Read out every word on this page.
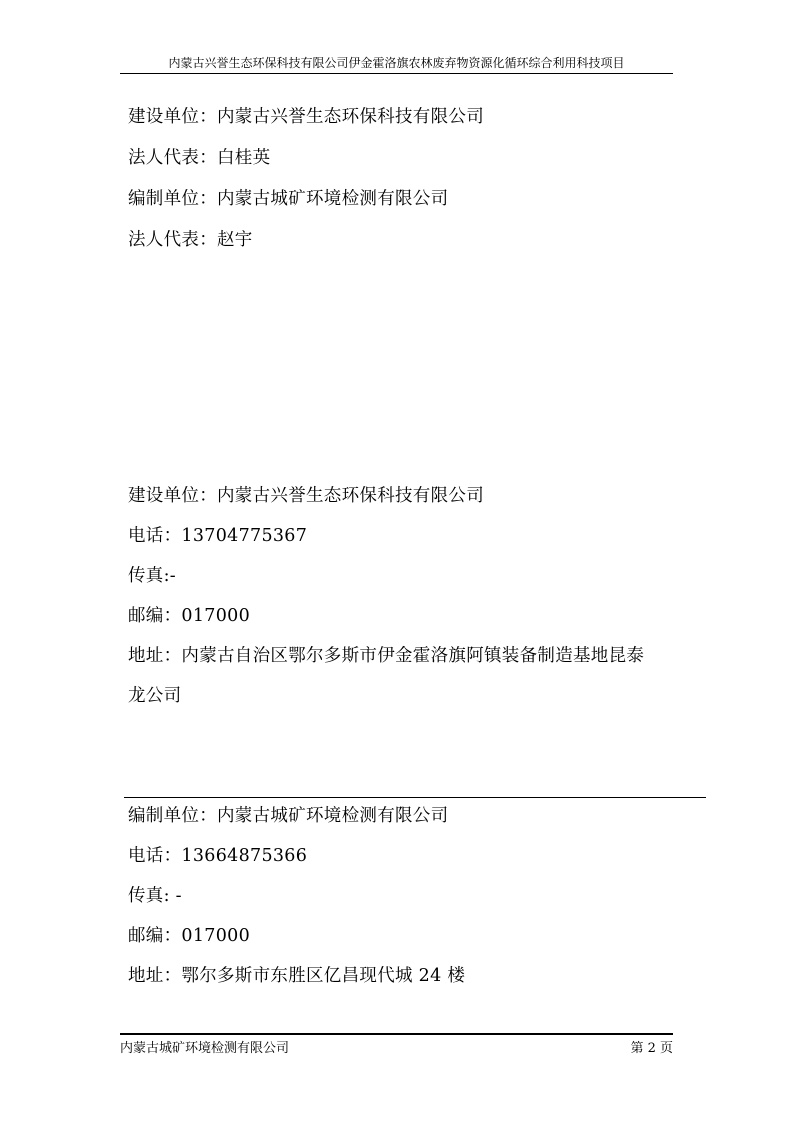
内蒙古兴誉生态环保科技有限公司伊金霍洛旗农林废弃物资源化循环综合利用科技项目
建设单位：内蒙古兴誉生态环保科技有限公司
法人代表：白桂英
编制单位：内蒙古城矿环境检测有限公司
法人代表：赵宇
建设单位：内蒙古兴誉生态环保科技有限公司
电话：13704775367
传真:-
邮编：017000
地址：内蒙古自治区鄂尔多斯市伊金霍洛旗阿镇装备制造基地昆泰
龙公司
编制单位：内蒙古城矿环境检测有限公司
电话：13664875366
传真: -
邮编：017000
地址：鄂尔多斯市东胜区亿昌现代城 24 楼
内蒙古城矿环境检测有限公司	第 2 页
